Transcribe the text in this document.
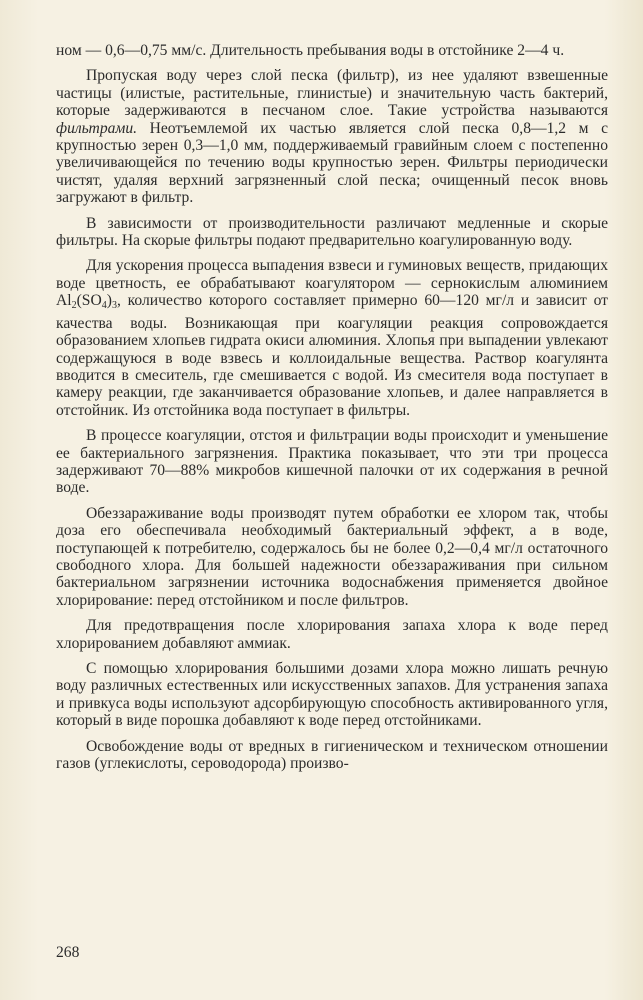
ном — 0,6—0,75 мм/с. Длительность пребывания воды в отстойнике 2—4 ч.

Пропуская воду через слой песка (фильтр), из нее удаляют взвешенные частицы (илистые, растительные, глинистые) и значительную часть бактерий, которые задерживаются в песчаном слое. Такие устройства называются фильтрами. Неотъемлемой их частью является слой песка 0,8—1,2 м с крупностью зерен 0,3—1,0 мм, поддерживаемый гравийным слоем с постепенно увеличивающейся по течению воды крупностью зерен. Фильтры периодически чистят, удаляя верхний загрязненный слой песка; очищенный песок вновь загружают в фильтр.

В зависимости от производительности различают медленные и скорые фильтры. На скорые фильтры подают предварительно коагулированную воду.

Для ускорения процесса выпадения взвеси и гуминовых веществ, придающих воде цветность, ее обрабатывают коагулятором — сернокислым алюминием $Al_2(SO_4)_3$, количество которого составляет примерно 60—120 мг/л и зависит от качества воды. Возникающая при коагуляции реакция сопровождается образованием хлопьев гидрата окиси алюминия. Хлопья при выпадении увлекают содержащуюся в воде взвесь и коллоидальные вещества. Раствор коагулянта вводится в смеситель, где смешивается с водой. Из смесителя вода поступает в камеру реакции, где заканчивается образование хлопьев, и далее направляется в отстойник. Из отстойника вода поступает в фильтры.

В процессе коагуляции, отстоя и фильтрации воды происходит и уменьшение ее бактериального загрязнения. Практика показывает, что эти три процесса задерживают 70—88% микробов кишечной палочки от их содержания в речной воде.

Обеззараживание воды производят путем обработки ее хлором так, чтобы доза его обеспечивала необходимый бактериальный эффект, а в воде, поступающей к потребителю, содержалось бы не более 0,2—0,4 мг/л остаточного свободного хлора. Для большей надежности обеззараживания при сильном бактериальном загрязнении источника водоснабжения применяется двойное хлорирование: перед отстойником и после фильтров.

Для предотвращения после хлорирования запаха хлора к воде перед хлорированием добавляют аммиак.

С помощью хлорирования большими дозами хлора можно лишать речную воду различных естественных или искусственных запахов. Для устранения запаха и привкуса воды используют адсорбирующую способность активированного угля, который в виде порошка добавляют к воде перед отстойниками.

Освобождение воды от вредных в гигиеническом и техническом отношении газов (углекислоты, сероводорода) произво-

268
